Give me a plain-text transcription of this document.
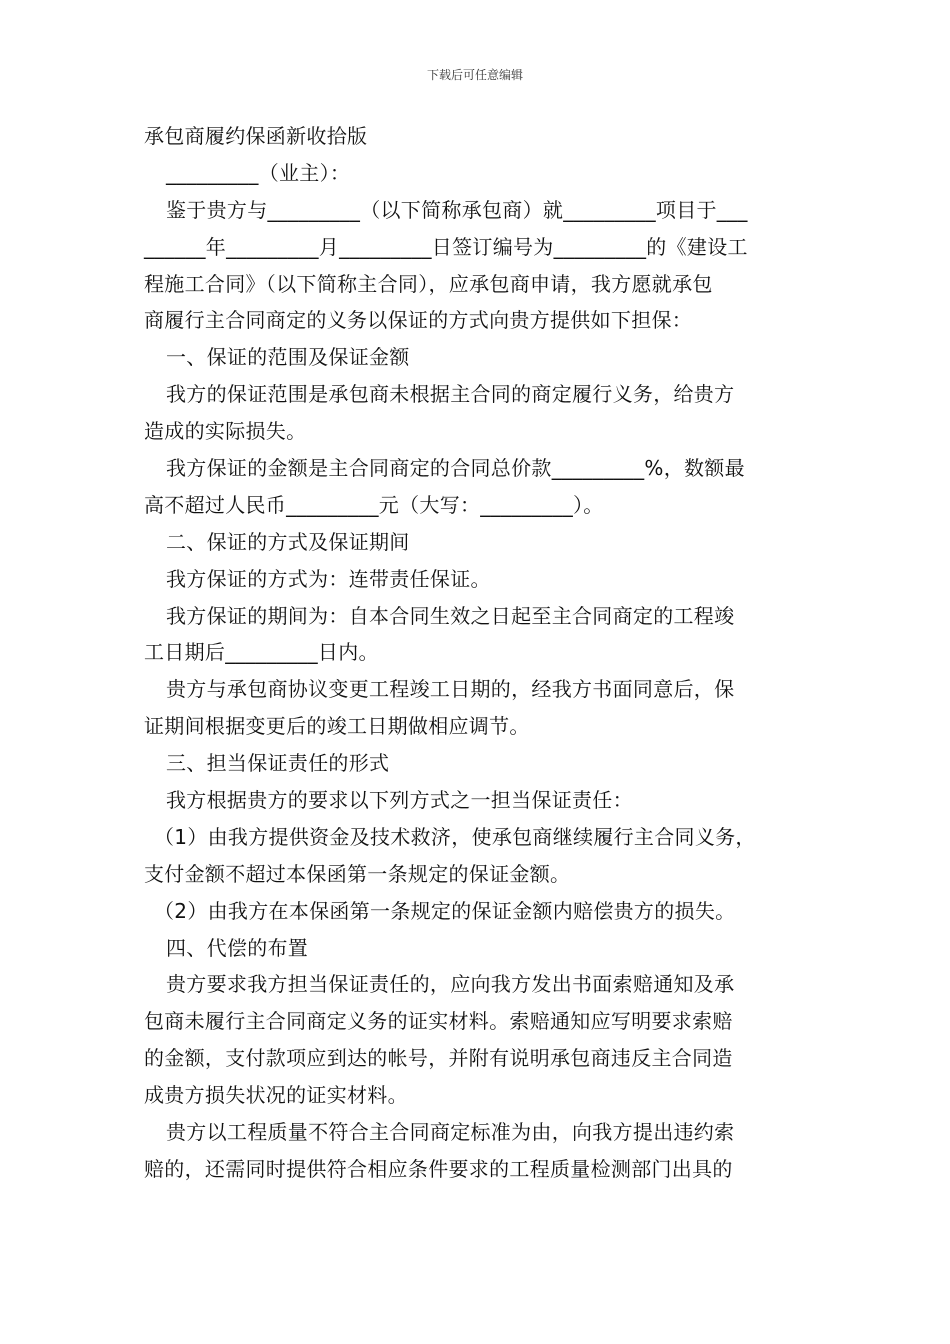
下载后可任意编辑
承包商履约保函新收拾版
_________（业主）：
鉴于贵方与_________（以下简称承包商）就_________项目于___
______年_________月_________日签订编号为_________的《建设工
程施工合同》（以下简称主合同），应承包商申请，我方愿就承包
商履行主合同商定的义务以保证的方式向贵方提供如下担保：
一、保证的范围及保证金额
我方的保证范围是承包商未根据主合同的商定履行义务，给贵方
造成的实际损失。
我方保证的金额是主合同商定的合同总价款_________%，数额最
高不超过人民币_________元（大写：_________）。
二、保证的方式及保证期间
我方保证的方式为：连带责任保证。
我方保证的期间为：自本合同生效之日起至主合同商定的工程竣
工日期后_________日内。
贵方与承包商协议变更工程竣工日期的，经我方书面同意后，保
证期间根据变更后的竣工日期做相应调节。
三、担当保证责任的形式
我方根据贵方的要求以下列方式之一担当保证责任：
（1）由我方提供资金及技术救济，使承包商继续履行主合同义务，
支付金额不超过本保函第一条规定的保证金额。
（2）由我方在本保函第一条规定的保证金额内赔偿贵方的损失。
四、代偿的布置
贵方要求我方担当保证责任的，应向我方发出书面索赔通知及承
包商未履行主合同商定义务的证实材料。索赔通知应写明要求索赔
的金额，支付款项应到达的帐号，并附有说明承包商违反主合同造
成贵方损失状况的证实材料。
贵方以工程质量不符合主合同商定标准为由，向我方提出违约索
赔的，还需同时提供符合相应条件要求的工程质量检测部门出具的
